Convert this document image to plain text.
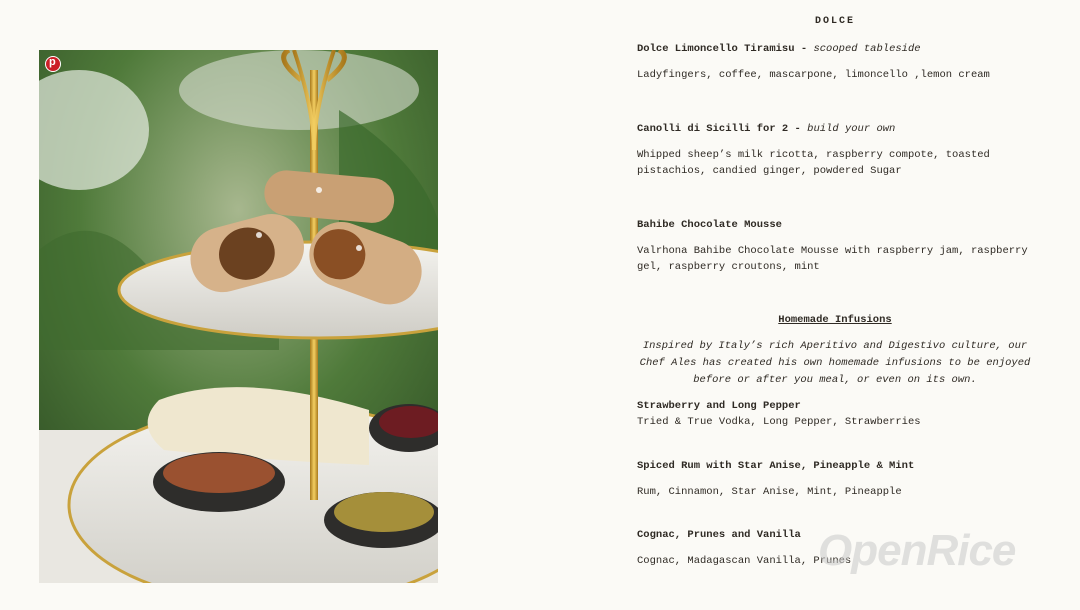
p
DOLCE
Dolce Limoncello Tiramisu - scooped tableside
Ladyfingers, coffee, mascarpone, limoncello ,lemon cream
Canolli di Sicilli for 2 - build your own
Whipped sheep’s milk ricotta, raspberry compote, toasted pistachios, candied ginger, powdered Sugar
Bahibe Chocolate Mousse
Valrhona Bahibe Chocolate Mousse with raspberry jam, raspberry gel, raspberry croutons, mint
Homemade Infusions
Inspired by Italy’s rich Aperitivo and Digestivo culture, our Chef Ales has created his own homemade infusions to be enjoyed before or after you meal, or even on its own.
Strawberry and Long Pepper
Tried & True Vodka, Long Pepper, Strawberries
Spiced Rum with Star Anise, Pineapple & Mint
Rum, Cinnamon, Star Anise, Mint, Pineapple
Cognac, Prunes and Vanilla
Cognac, Madagascan Vanilla, Prunes
OpenRice
